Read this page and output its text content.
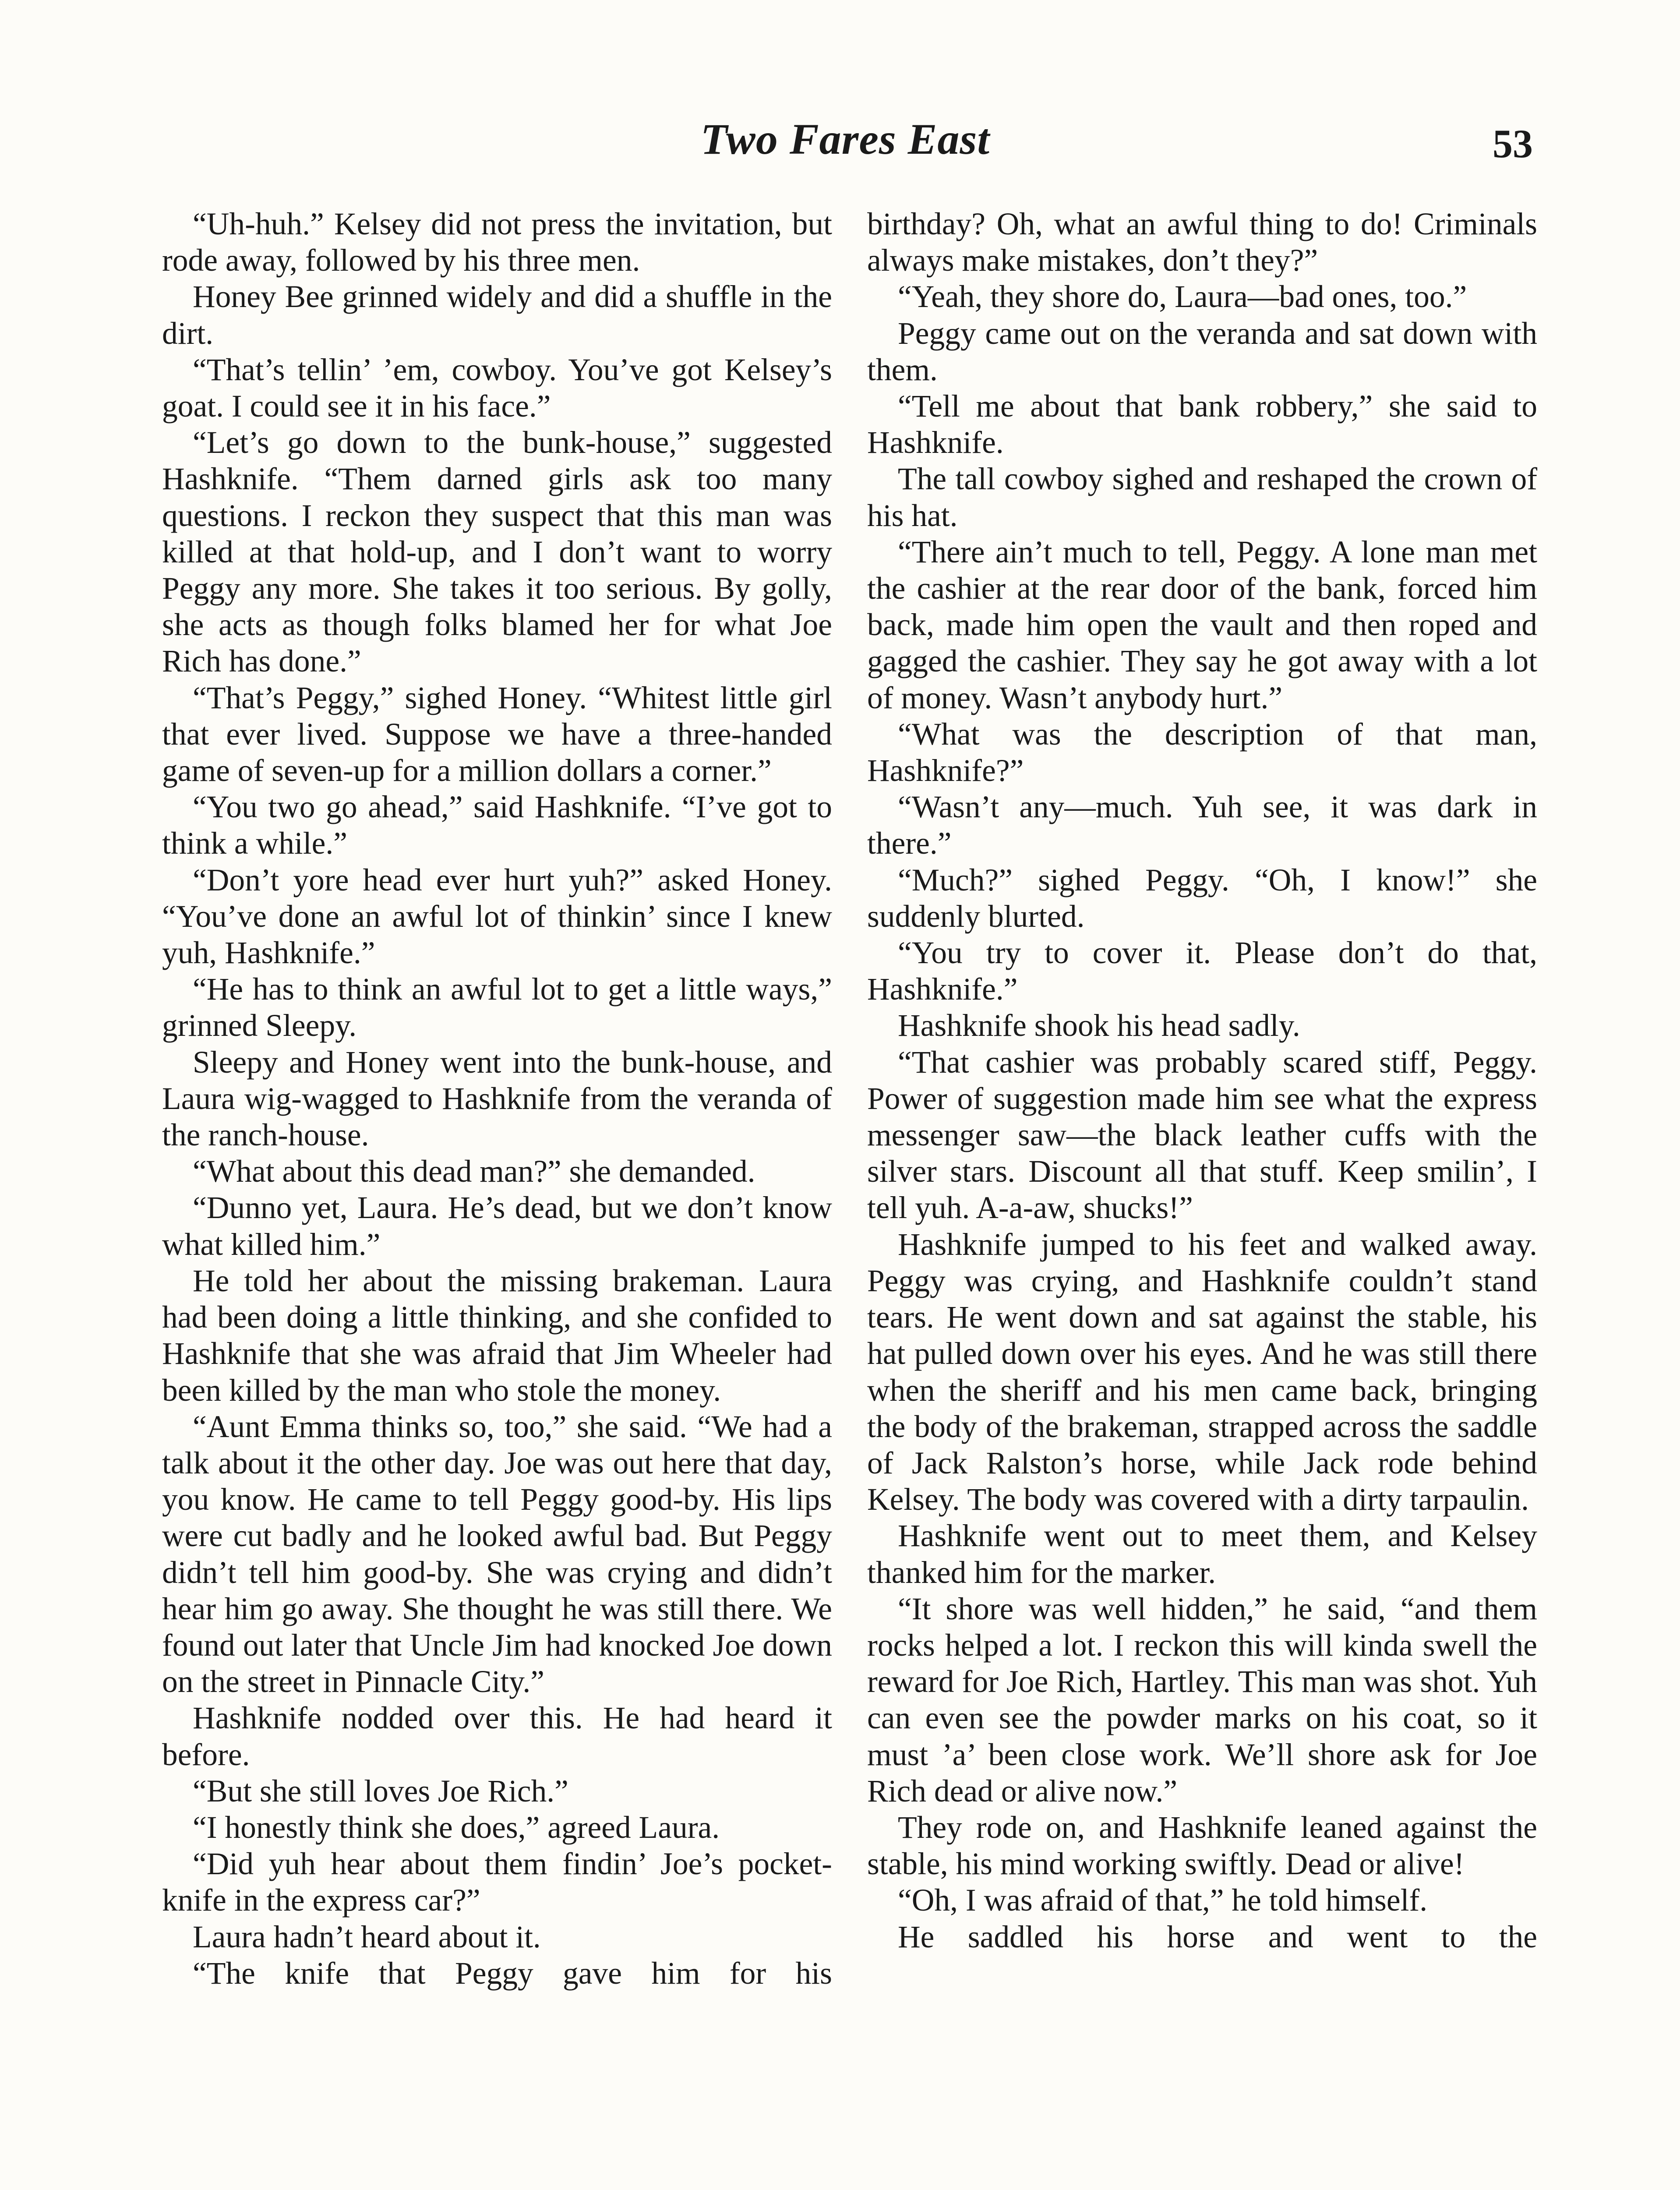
Two Fares East	53

“Uh-huh.” Kelsey did not press the invitation, but rode away, followed by his three men.

Honey Bee grinned widely and did a shuffle in the dirt.

“That’s tellin’ ’em, cowboy. You’ve got Kelsey’s goat. I could see it in his face.”

“Let’s go down to the bunk-house,” suggested Hashknife. “Them darned girls ask too many questions. I reckon they suspect that this man was killed at that hold-up, and I don’t want to worry Peggy any more. She takes it too serious. By golly, she acts as though folks blamed her for what Joe Rich has done.”

“That’s Peggy,” sighed Honey. “Whitest little girl that ever lived. Suppose we have a three-handed game of seven-up for a million dollars a corner.”

“You two go ahead,” said Hashknife. “I’ve got to think a while.”

“Don’t yore head ever hurt yuh?” asked Honey. “You’ve done an awful lot of thinkin’ since I knew yuh, Hashknife.”

“He has to think an awful lot to get a little ways,” grinned Sleepy.

Sleepy and Honey went into the bunk-house, and Laura wig-wagged to Hashknife from the veranda of the ranch-house.

“What about this dead man?” she demanded.

“Dunno yet, Laura. He’s dead, but we don’t know what killed him.”

He told her about the missing brakeman. Laura had been doing a little thinking, and she confided to Hashknife that she was afraid that Jim Wheeler had been killed by the man who stole the money.

“Aunt Emma thinks so, too,” she said. “We had a talk about it the other day. Joe was out here that day, you know. He came to tell Peggy good-by. His lips were cut badly and he looked awful bad. But Peggy didn’t tell him good-by. She was crying and didn’t hear him go away. She thought he was still there. We found out later that Uncle Jim had knocked Joe down on the street in Pinnacle City.”

Hashknife nodded over this. He had heard it before.

“But she still loves Joe Rich.”

“I honestly think she does,” agreed Laura.

“Did yuh hear about them findin’ Joe’s pocket-knife in the express car?”

Laura hadn’t heard about it.

“The knife that Peggy gave him for his

birthday? Oh, what an awful thing to do! Criminals always make mistakes, don’t they?”

“Yeah, they shore do, Laura—bad ones, too.”

Peggy came out on the veranda and sat down with them.

“Tell me about that bank robbery,” she said to Hashknife.

The tall cowboy sighed and reshaped the crown of his hat.

“There ain’t much to tell, Peggy. A lone man met the cashier at the rear door of the bank, forced him back, made him open the vault and then roped and gagged the cashier. They say he got away with a lot of money. Wasn’t anybody hurt.”

“What was the description of that man, Hashknife?”

“Wasn’t any—much. Yuh see, it was dark in there.”

“Much?” sighed Peggy. “Oh, I know!” she suddenly blurted.

“You try to cover it. Please don’t do that, Hashknife.”

Hashknife shook his head sadly.

“That cashier was probably scared stiff, Peggy. Power of suggestion made him see what the express messenger saw—the black leather cuffs with the silver stars. Discount all that stuff. Keep smilin’, I tell yuh. A-a-aw, shucks!”

Hashknife jumped to his feet and walked away. Peggy was crying, and Hashknife couldn’t stand tears. He went down and sat against the stable, his hat pulled down over his eyes. And he was still there when the sheriff and his men came back, bringing the body of the brakeman, strapped across the saddle of Jack Ralston’s horse, while Jack rode behind Kelsey. The body was covered with a dirty tarpaulin.

Hashknife went out to meet them, and Kelsey thanked him for the marker.

“It shore was well hidden,” he said, “and them rocks helped a lot. I reckon this will kinda swell the reward for Joe Rich, Hartley. This man was shot. Yuh can even see the powder marks on his coat, so it must ’a’ been close work. We’ll shore ask for Joe Rich dead or alive now.”

They rode on, and Hashknife leaned against the stable, his mind working swiftly. Dead or alive!

“Oh, I was afraid of that,” he told himself.

He saddled his horse and went to the
